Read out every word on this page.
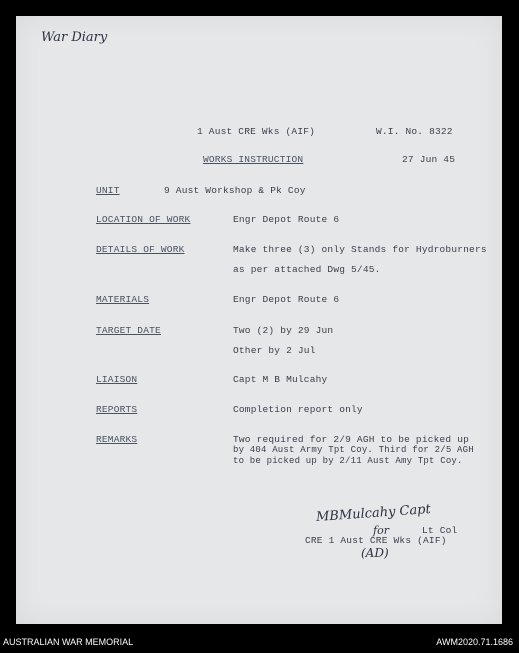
War Diary
1 Aust CRE Wks (AIF)	W.I. No. 8322
WORKS INSTRUCTION	27 Jun 45
UNIT	9 Aust Workshop & Pk Coy
LOCATION OF WORK	Engr Depot Route 6
DETAILS OF WORK	Make three (3) only Stands for Hydroburners
as per attached Dwg 5/45.
MATERIALS	Engr Depot Route 6
TARGET DATE	Two (2) by 29 Jun
Other by 2 Jul
LIAISON	Capt M B Mulcahy
REPORTS	Completion report only
REMARKS	Two required for 2/9 AGH to be picked up
by 404 Aust Army Tpt Coy. Third for 2/5 AGH
to be picked up by 2/11 Aust Amy Tpt Coy.
MBMulcahy Capt
Lt Col
CRE 1 Aust CRE Wks (AIF)
for
(AD)
AUSTRALIAN WAR MEMORIAL	AWM2020.71.1686
